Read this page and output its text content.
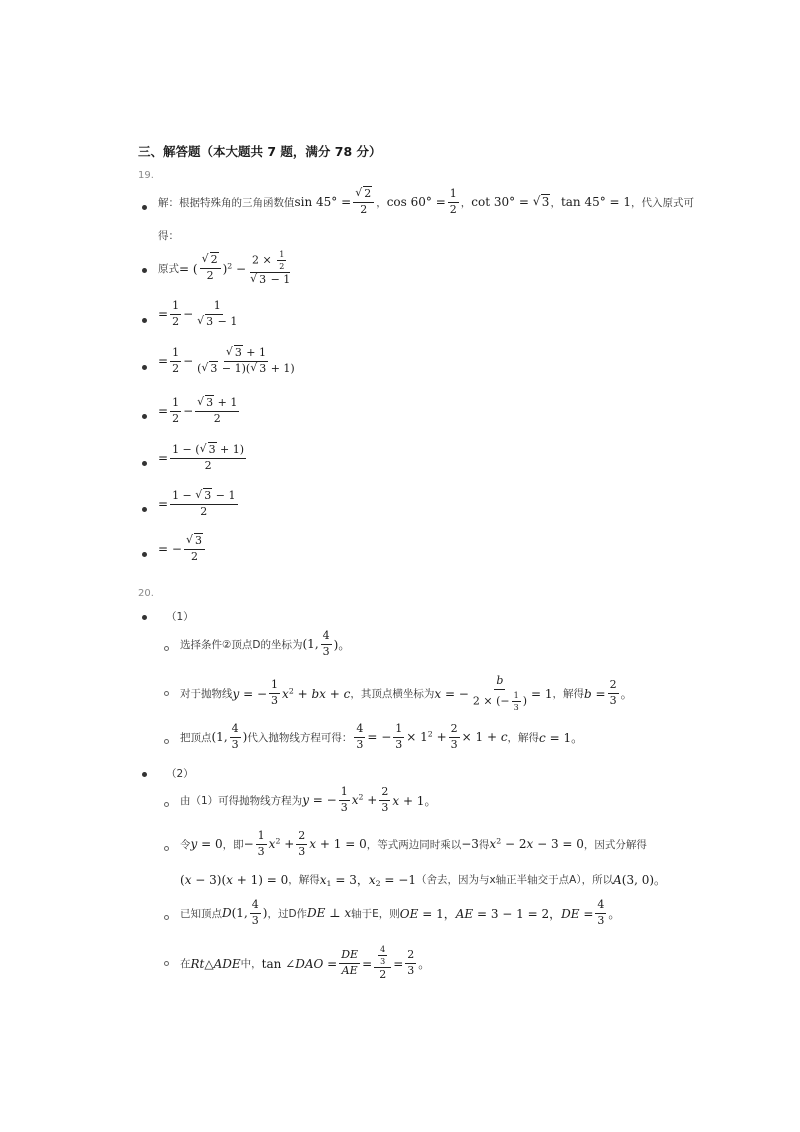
三、解答题（本大题共 7 题，满分 78 分）
19.
解：根据特殊角的三角函数值 sin 45° = √ $\frac{2}{2}$ ， $\cos 60^\circ = \frac{1}{2}$ ， cot 30° = √ 3 ， tan 45° = 1 ，代入原式可
得：
原式 = ( √ $\frac{2}{2} )^2 - 2 \times \frac{1}{2}$
√ 3 − 1
= $\frac{1}{2} - 1$
√ 3 − 1
= $\frac{1}{2}$ − √ $\frac{3 + 1}{( √ 3 - 1)( √ 3 + 1)}$
= $\frac{1}{2}$ − √ $\frac{3 + 1}{2}$
= $\frac{1 - ( √ 3 + 1)}{2}$
= $\frac{1 - √ 3 - 1}{2}$
= − √ $\frac{3}{2}$
20.
（1）
选择条件②顶点D的坐标为 (1, $\frac{4}{3}$ )。
对于抛物线 y = − $\frac{1}{3} x^2$ + bx + c ，其顶点横坐标为 x = − $\frac{b}{2 \times (- \frac{1}{3} )} = 1$ ，解得 $b = \frac{2}{3}$ 。
把顶点 (1, $\frac{4}{3}$ ) 代入抛物线方程可得： $\frac{4}{3}$ = − $\frac{1}{3} \times 1^2 + \frac{2}{3} \times 1 + c$ ，解得 c = 1。
（2）
由（1）可得抛物线方程为 y = − $\frac{1}{3} x^2 + \frac{2}{3}$ x + 1。
令 y = 0 ，即 − $\frac{1}{3} x^2 + \frac{2}{3}$ x + 1 = 0 ，等式两边同时乘以 −3 得 $x^2 - 2x - 3 = 0$ ，因式分解得
(x − 3)(x + 1) = 0 ，解得 $x_1 = 3$，$x_2 = -1$ （舍去，因为与x轴正半轴交于点A），所以 A(3, 0)。
已知顶点 D(1, $\frac{4}{3}$ ) ，过D作 DE ⊥ x 轴于E，则 OE = 1，AE = 3 − 1 = 2，DE = $\frac{4}{3}$ 。
在 Rt△ADE 中， tan ∠DAO = $\frac{DE}{AE} = \frac{\frac{4}{3}}{2} = \frac{2}{3}$ 。
